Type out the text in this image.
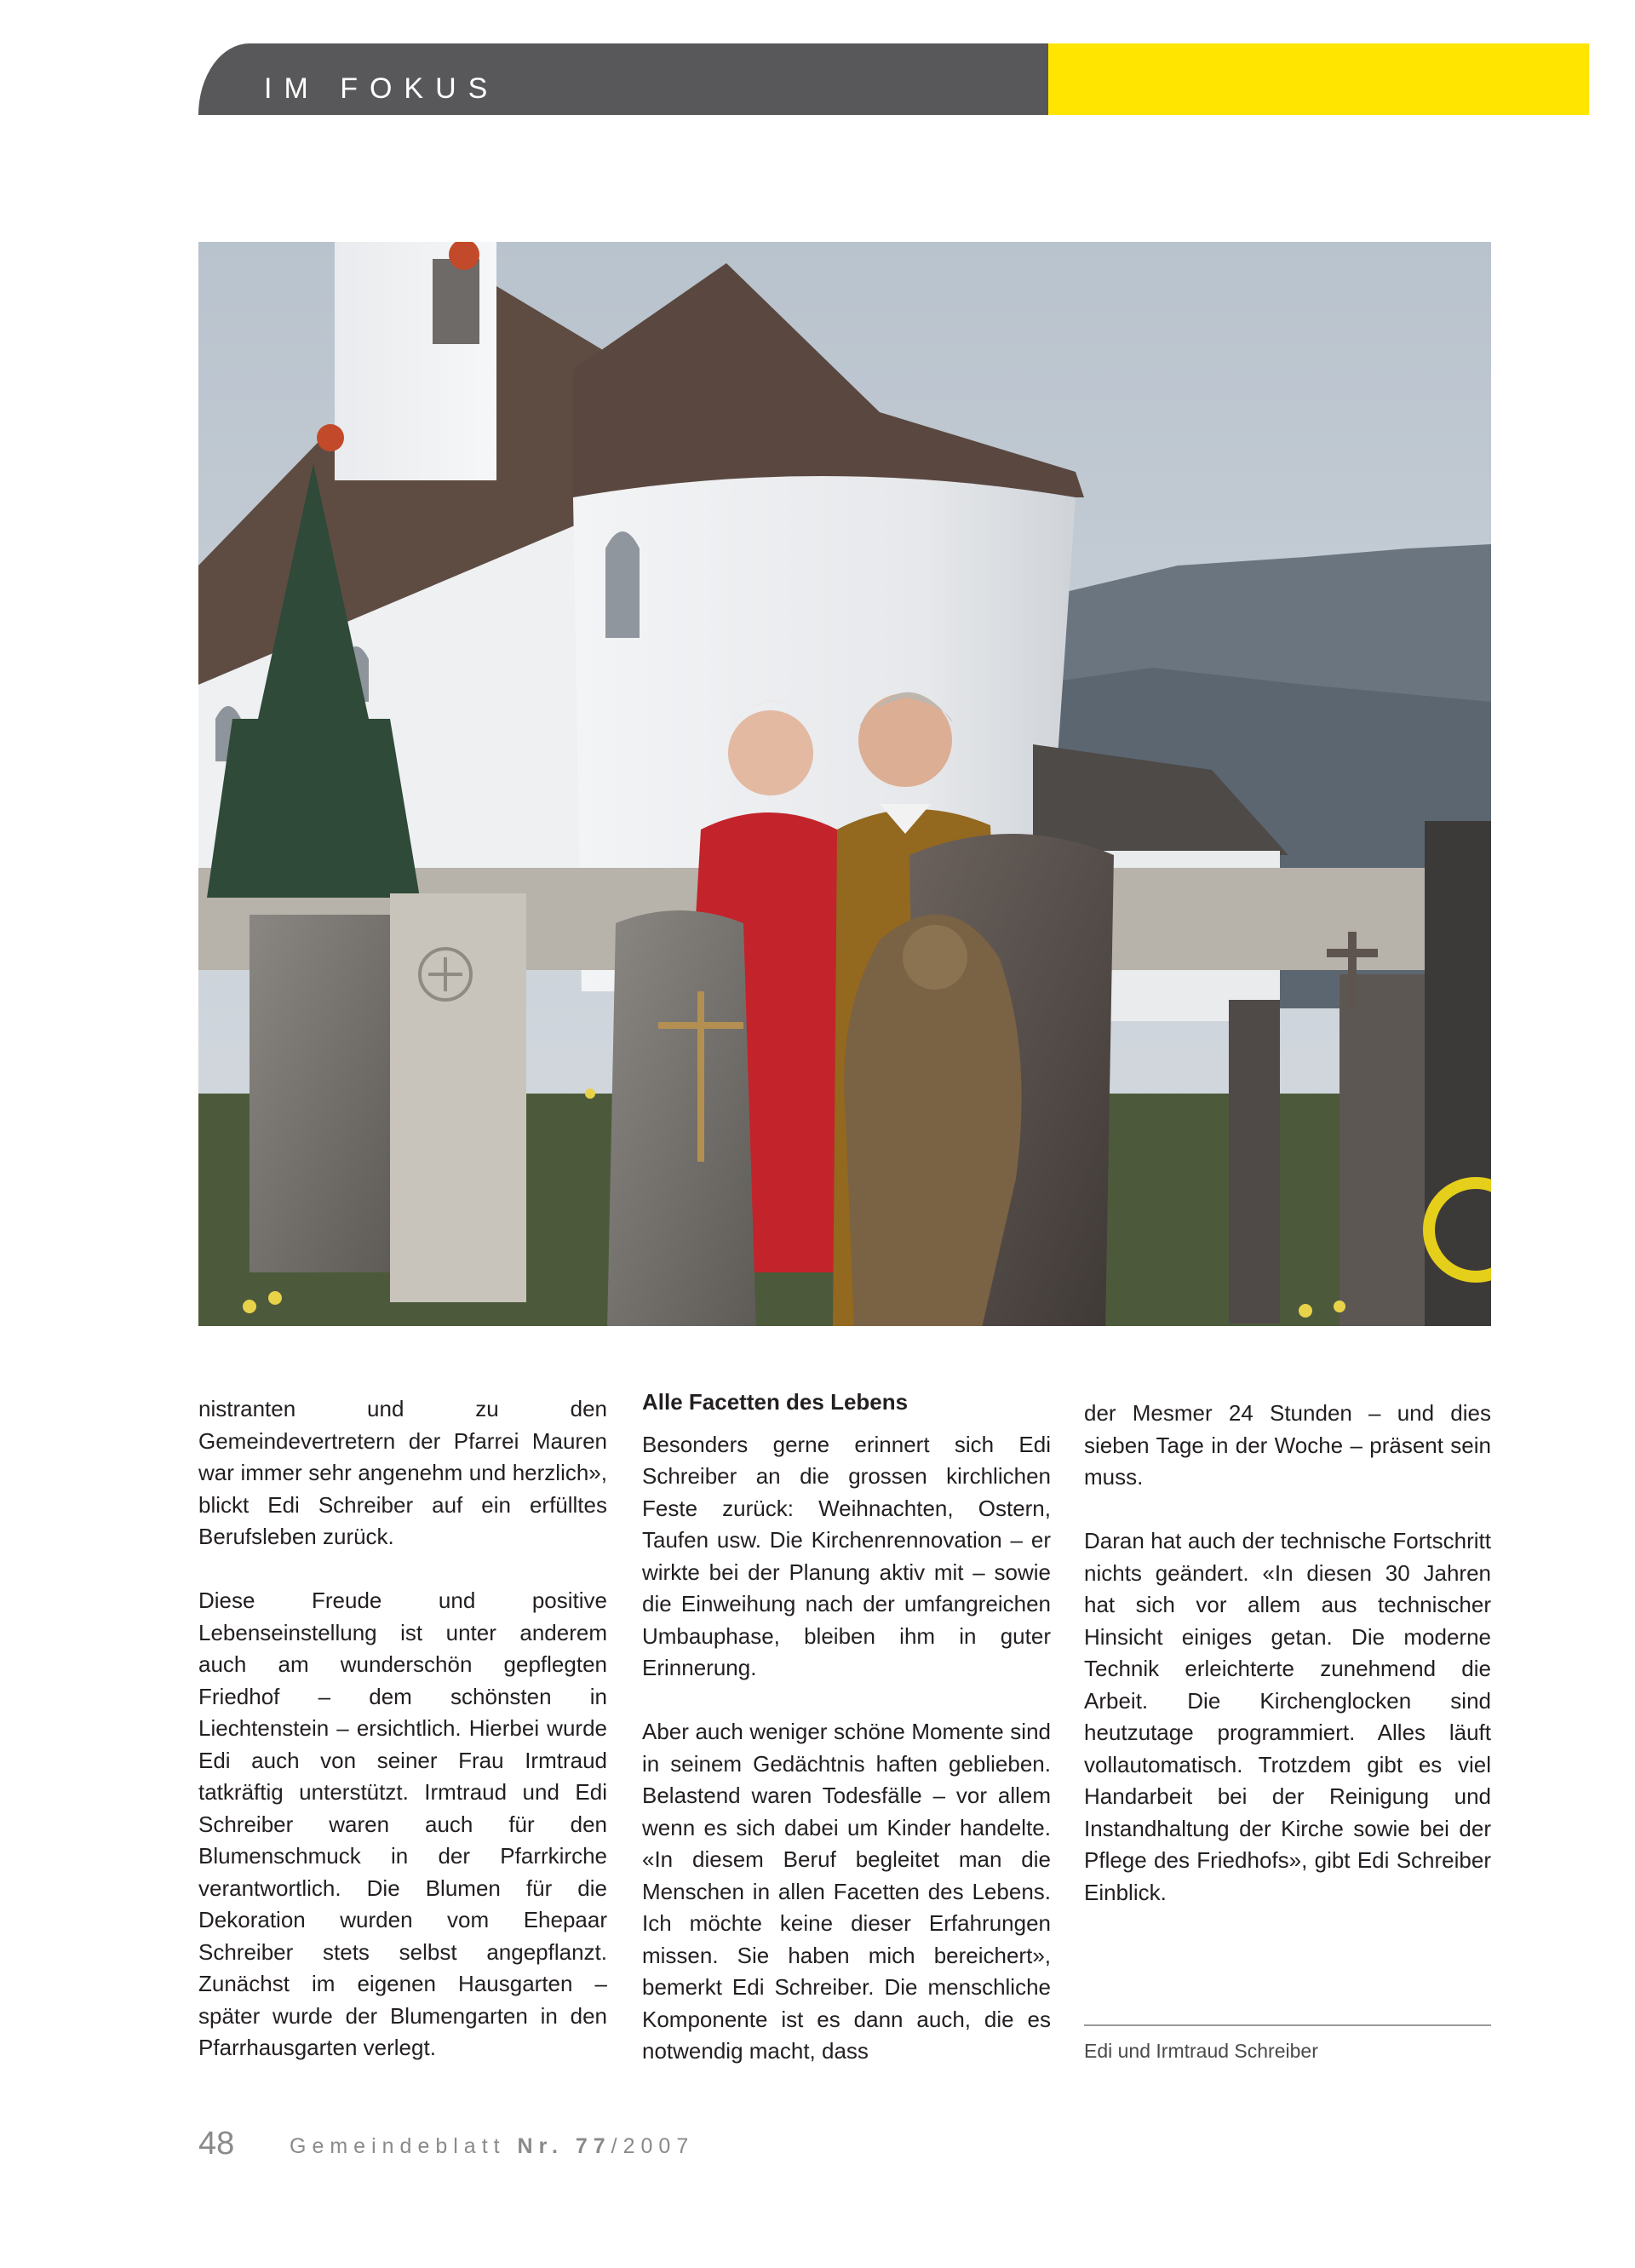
IM FOKUS

nistranten und zu den Gemeindevertretern der Pfarrei Mauren war immer sehr angenehm und herzlich», blickt Edi Schreiber auf ein erfülltes Berufsleben zurück.

Diese Freude und positive Lebenseinstellung ist unter anderem auch am wunderschön gepflegten Friedhof – dem schönsten in Liechtenstein – ersichtlich. Hierbei wurde Edi auch von seiner Frau Irmtraud tatkräftig unterstützt. Irmtraud und Edi Schreiber waren auch für den Blumenschmuck in der Pfarrkirche verantwortlich. Die Blumen für die Dekoration wurden vom Ehepaar Schreiber stets selbst angepflanzt. Zunächst im eigenen Hausgarten – später wurde der Blumengarten in den Pfarrhausgarten verlegt.

Alle Facetten des Lebens

Besonders gerne erinnert sich Edi Schreiber an die grossen kirchlichen Feste zurück: Weihnachten, Ostern, Taufen usw. Die Kirchenrennovation – er wirkte bei der Planung aktiv mit – sowie die Einweihung nach der umfangreichen Umbauphase, bleiben ihm in guter Erinnerung.

Aber auch weniger schöne Momente sind in seinem Gedächtnis haften geblieben. Belastend waren Todesfälle – vor allem wenn es sich dabei um Kinder handelte. «In diesem Beruf begleitet man die Menschen in allen Facetten des Lebens. Ich möchte keine dieser Erfahrungen missen. Sie haben mich bereichert», bemerkt Edi Schreiber. Die menschliche Komponente ist es dann auch, die es notwendig macht, dass

der Mesmer 24 Stunden – und dies sieben Tage in der Woche – präsent sein muss.

Daran hat auch der technische Fortschritt nichts geändert. «In diesen 30 Jahren hat sich vor allem aus technischer Hinsicht einiges getan. Die moderne Technik erleichterte zunehmend die Arbeit. Die Kirchenglocken sind heutzutage programmiert. Alles läuft vollautomatisch. Trotzdem gibt es viel Handarbeit bei der Reinigung und Instandhaltung der Kirche sowie bei der Pflege des Friedhofs», gibt Edi Schreiber Einblick.

Edi und Irmtraud Schreiber
48	Gemeindeblatt Nr. 77/2007
